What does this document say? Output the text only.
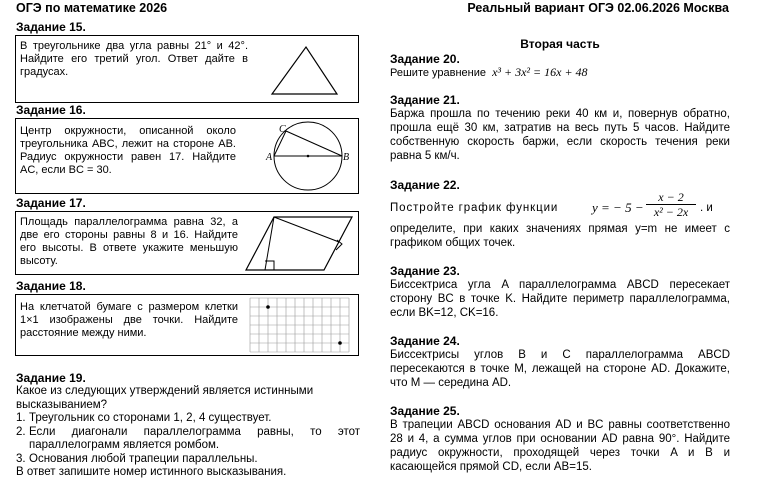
ОГЭ по математике 2026	Реальный вариант ОГЭ 02.06.2026 Москва
Задание 15.
В треугольнике два угла равны 21° и 42°. Найдите его третий угол. Ответ дайте в градусах.
Задание 16.
Центр окружности, описанной около треугольника ABC, лежит на стороне AB. Радиус окружности равен 17. Найдите AC, если BC = 30.
A	B
C
Задание 17.
Площадь параллелограмма равна 32, а две его стороны равны 8 и 16. Найдите его высоты. В ответе укажите меньшую высоту.
Задание 18.
На клетчатой бумаге с размером клетки 1×1 изображены две точки. Найдите расстояние между ними.
Задание 19.
Какое из следующих утверждений является истинными высказыванием?
1. Треугольник со сторонами 1, 2, 4 существует.
2. Если диагонали параллелограмма равны, то этот параллелограмм является ромбом.
3. Основания любой трапеции параллельны.
В ответ запишите номер истинного высказывания.
Вторая часть
Задание 20.
Решите уравнение x³ + 3x² = 16x + 48
Задание 21.
Баржа прошла по течению реки 40 км и, повернув обратно, прошла ещё 30 км, затратив на весь путь 5 часов. Найдите собственную скорость баржи, если скорость течения реки равна 5 км/ч.
Задание 22.
Постройте график функции	y = − $5 - \frac{x - 2}{\text{x² − 2x}}$ . и
определите, при каких значениях прямая y=m не имеет с графиком общих точек.
Задание 23.
Биссектриса угла A параллелограмма ABCD пересекает сторону BC в точке K. Найдите периметр параллелограмма, если BK=12, CK=16.
Задание 24.
Биссектрисы углов B и C параллелограмма ABCD пересекаются в точке M, лежащей на стороне AD. Докажите, что M — середина AD.
Задание 25.
В трапеции ABCD основания AD и BC равны соответственно 28 и 4, а сумма углов при основании AD равна 90°. Найдите радиус окружности, проходящей через точки A и B и касающейся прямой CD, если AB=15.
